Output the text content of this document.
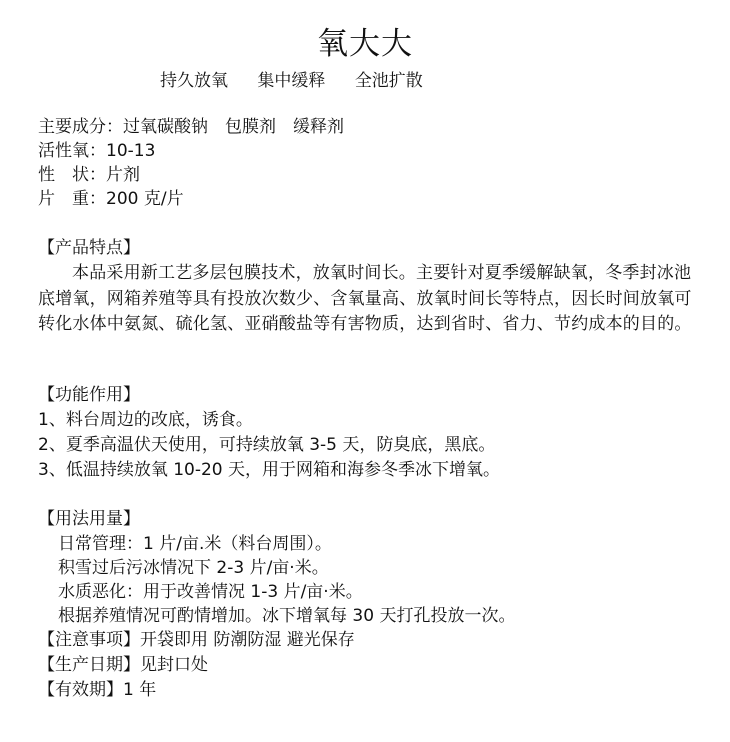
氧大大
持久放氧 集中缓释 全池扩散
主要成分：过氧碳酸钠　包膜剂　缓释剂
活性氧：10-13
性　状：片剂
片　重：200 克/片
【产品特点】
本品采用新工艺多层包膜技术，放氧时间长。主要针对夏季缓解缺氧，冬季封冰池底增氧，网箱养殖等具有投放次数少、含氧量高、放氧时间长等特点，因长时间放氧可转化水体中氨氮、硫化氢、亚硝酸盐等有害物质，达到省时、省力、节约成本的目的。
【功能作用】
1、料台周边的改底，诱食。
2、夏季高温伏天使用，可持续放氧 3-5 天，防臭底，黑底。
3、低温持续放氧 10-20 天，用于网箱和海参冬季冰下增氧。
【用法用量】
日常管理：1 片/亩.米（料台周围）。
积雪过后污冰情况下 2-3 片/亩·米。
水质恶化：用于改善情况 1-3 片/亩·米。
根据养殖情况可酌情增加。冰下增氧每 30 天打孔投放一次。
【注意事项】开袋即用 防潮防湿 避光保存
【生产日期】见封口处
【有效期】1 年
